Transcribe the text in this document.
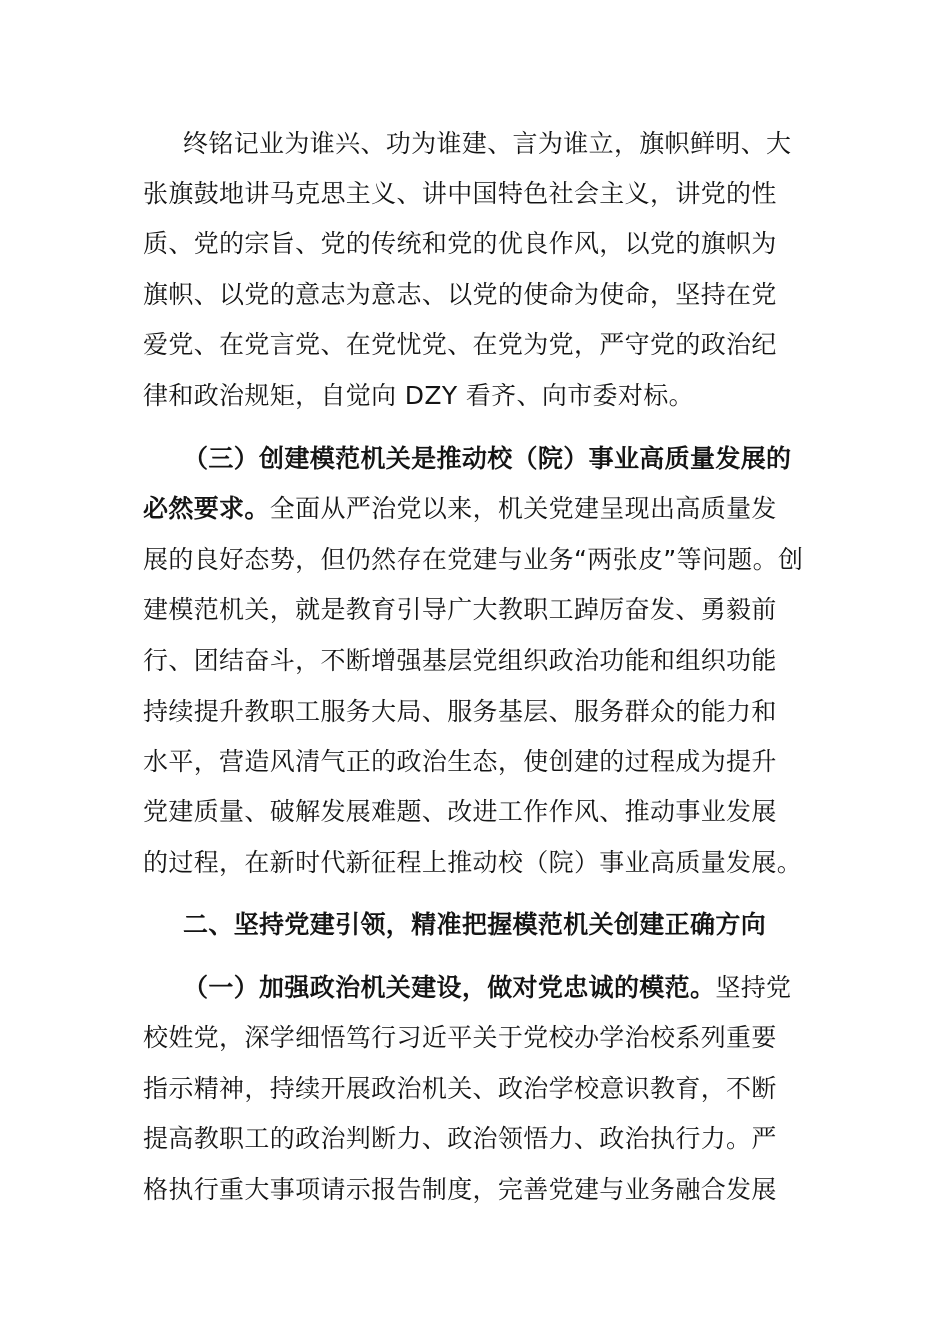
终铭记业为谁兴、功为谁建、言为谁立，旗帜鲜明、大
张旗鼓地讲马克思主义、讲中国特色社会主义，讲党的性
质、党的宗旨、党的传统和党的优良作风，以党的旗帜为
旗帜、以党的意志为意志、以党的使命为使命，坚持在党
爱党、在党言党、在党忧党、在党为党，严守党的政治纪
律和政治规矩，自觉向 DZY 看齐、向市委对标。
（三）创建模范机关是推动校（院）事业高质量发展的
必然要求。全面从严治党以来，机关党建呈现出高质量发
展的良好态势，但仍然存在党建与业务“两张皮”等问题。创
建模范机关，就是教育引导广大教职工踔厉奋发、勇毅前
行、团结奋斗，不断增强基层党组织政治功能和组织功能
持续提升教职工服务大局、服务基层、服务群众的能力和
水平，营造风清气正的政治生态，使创建的过程成为提升
党建质量、破解发展难题、改进工作作风、推动事业发展
的过程，在新时代新征程上推动校（院）事业高质量发展。
二、坚持党建引领，精准把握模范机关创建正确方向
（一）加强政治机关建设，做对党忠诚的模范。坚持党
校姓党，深学细悟笃行习近平关于党校办学治校系列重要
指示精神，持续开展政治机关、政治学校意识教育，不断
提高教职工的政治判断力、政治领悟力、政治执行力。严
格执行重大事项请示报告制度，完善党建与业务融合发展
